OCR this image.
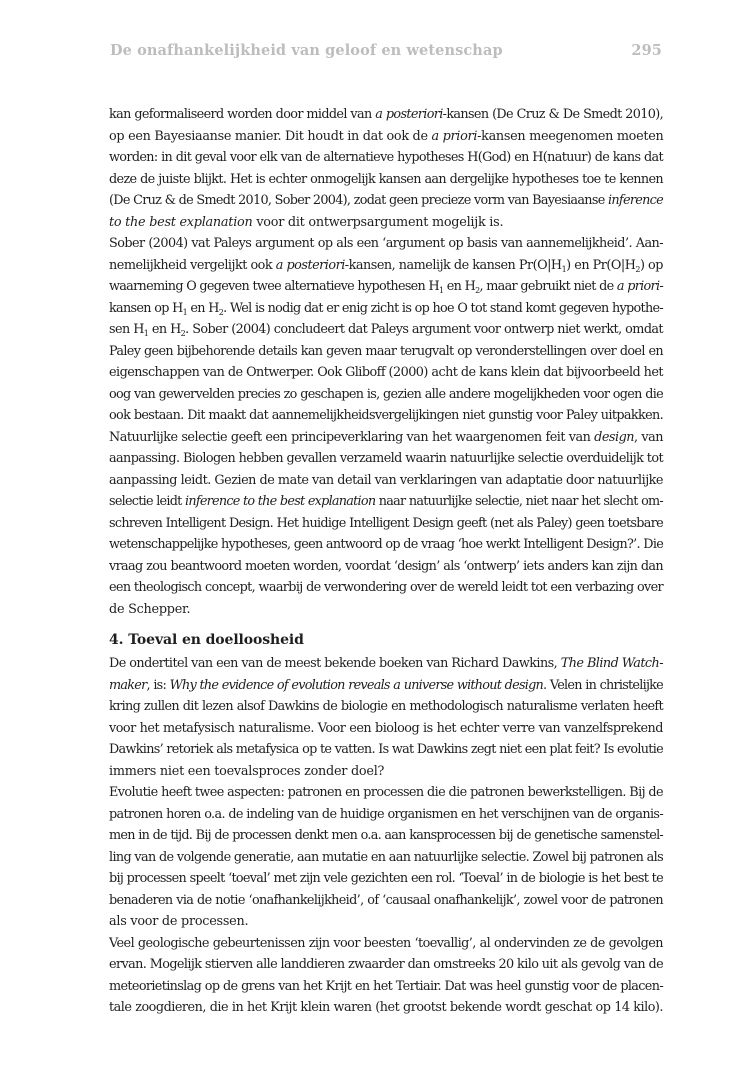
De onafhankelijkheid van geloof en wetenschap	295
kan geformaliseerd worden door middel van a posteriori-kansen (De Cruz & De Smedt 2010),
op een Bayesiaanse manier. Dit houdt in dat ook de a priori-kansen meegenomen moeten
worden: in dit geval voor elk van de alternatieve hypotheses H(God) en H(natuur) de kans dat
deze de juiste blijkt. Het is echter onmogelijk kansen aan dergelijke hypotheses toe te kennen
(De Cruz & de Smedt 2010, Sober 2004), zodat geen precieze vorm van Bayesiaanse inference
to the best explanation voor dit ontwerpsargument mogelijk is.
Sober (2004) vat Paleys argument op als een ‘argument op basis van aannemelijkheid’. Aan-
nemelijkheid vergelijkt ook a posteriori-kansen, namelijk de kansen $Pr(O|H_1)$ en $Pr(O|H_2)$ op
waarneming O gegeven twee alternatieve hypothesen $H_1$ en $H_2$, maar gebruikt niet de a priori-
kansen op $H_1$ en $H_2$. Wel is nodig dat er enig zicht is op hoe O tot stand komt gegeven hypothe-
sen $H_1$ en $H_2$. Sober (2004) concludeert dat Paleys argument voor ontwerp niet werkt, omdat
Paley geen bijbehorende details kan geven maar terugvalt op veronderstellingen over doel en
eigenschappen van de Ontwerper. Ook Gliboff (2000) acht de kans klein dat bijvoorbeeld het
oog van gewervelden precies zo geschapen is, gezien alle andere mogelijkheden voor ogen die
ook bestaan. Dit maakt dat aannemelijkheidsvergelijkingen niet gunstig voor Paley uitpakken.
Natuurlijke selectie geeft een principeverklaring van het waargenomen feit van design, van
aanpassing. Biologen hebben gevallen verzameld waarin natuurlijke selectie overduidelijk tot
aanpassing leidt. Gezien de mate van detail van verklaringen van adaptatie door natuurlijke
selectie leidt inference to the best explanation naar natuurlijke selectie, niet naar het slecht om-
schreven Intelligent Design. Het huidige Intelligent Design geeft (net als Paley) geen toetsbare
wetenschappelijke hypotheses, geen antwoord op de vraag ‘hoe werkt Intelligent Design?’. Die
vraag zou beantwoord moeten worden, voordat ‘design’ als ‘ontwerp’ iets anders kan zijn dan
een theologisch concept, waarbij de verwondering over de wereld leidt tot een verbazing over
de Schepper.
4. Toeval en doelloosheid
De ondertitel van een van de meest bekende boeken van Richard Dawkins, The Blind Watch-
maker, is: Why the evidence of evolution reveals a universe without design. Velen in christelijke
kring zullen dit lezen alsof Dawkins de biologie en methodologisch naturalisme verlaten heeft
voor het metafysisch naturalisme. Voor een bioloog is het echter verre van vanzelfsprekend
Dawkins’ retoriek als metafysica op te vatten. Is wat Dawkins zegt niet een plat feit? Is evolutie
immers niet een toevalsproces zonder doel?
Evolutie heeft twee aspecten: patronen en processen die die patronen bewerkstelligen. Bij de
patronen horen o.a. de indeling van de huidige organismen en het verschijnen van de organis-
men in de tijd. Bij de processen denkt men o.a. aan kansprocessen bij de genetische samenstel-
ling van de volgende generatie, aan mutatie en aan natuurlijke selectie. Zowel bij patronen als
bij processen speelt ‘toeval’ met zijn vele gezichten een rol. ‘Toeval’ in de biologie is het best te
benaderen via de notie ‘onafhankelijkheid’, of ‘causaal onafhankelijk’, zowel voor de patronen
als voor de processen.
Veel geologische gebeurtenissen zijn voor beesten ‘toevallig’, al ondervinden ze de gevolgen
ervan. Mogelijk stierven alle landdieren zwaarder dan omstreeks 20 kilo uit als gevolg van de
meteorietinslag op de grens van het Krijt en het Tertiair. Dat was heel gunstig voor de placen-
tale zoogdieren, die in het Krijt klein waren (het grootst bekende wordt geschat op 14 kilo).
